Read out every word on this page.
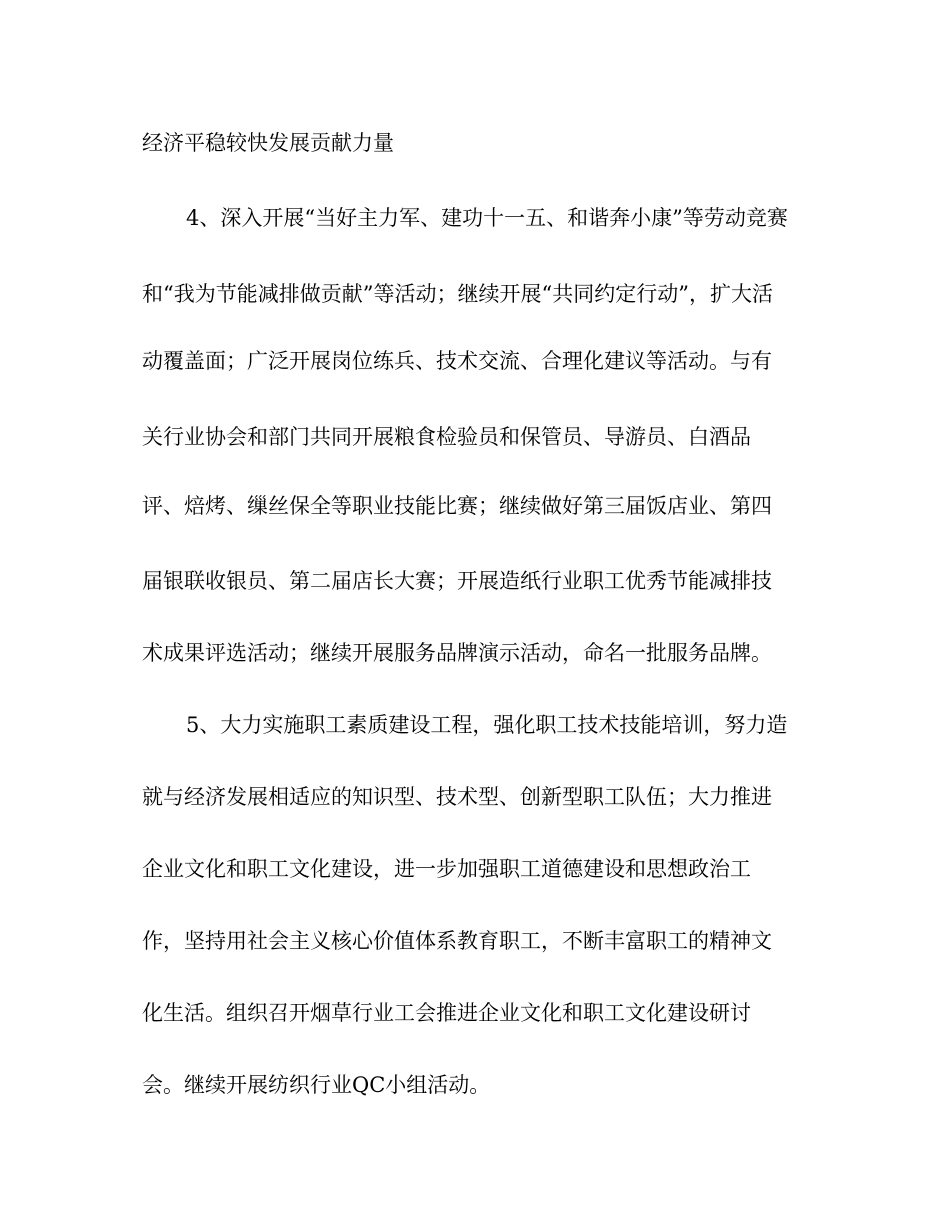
经济平稳较快发展贡献力量

4、深入开展“当好主力军、建功十一五、和谐奔小康”等劳动竞赛

和“我为节能减排做贡献”等活动；继续开展“共同约定行动”，扩大活

动覆盖面；广泛开展岗位练兵、技术交流、合理化建议等活动。与有

关行业协会和部门共同开展粮食检验员和保管员、导游员、白酒品

评、焙烤、缫丝保全等职业技能比赛；继续做好第三届饭店业、第四

届银联收银员、第二届店长大赛；开展造纸行业职工优秀节能减排技

术成果评选活动；继续开展服务品牌演示活动，命名一批服务品牌。

5、大力实施职工素质建设工程，强化职工技术技能培训，努力造

就与经济发展相适应的知识型、技术型、创新型职工队伍；大力推进

企业文化和职工文化建设，进一步加强职工道德建设和思想政治工

作，坚持用社会主义核心价值体系教育职工，不断丰富职工的精神文

化生活。组织召开烟草行业工会推进企业文化和职工文化建设研讨

会。继续开展纺织行业QC小组活动。
